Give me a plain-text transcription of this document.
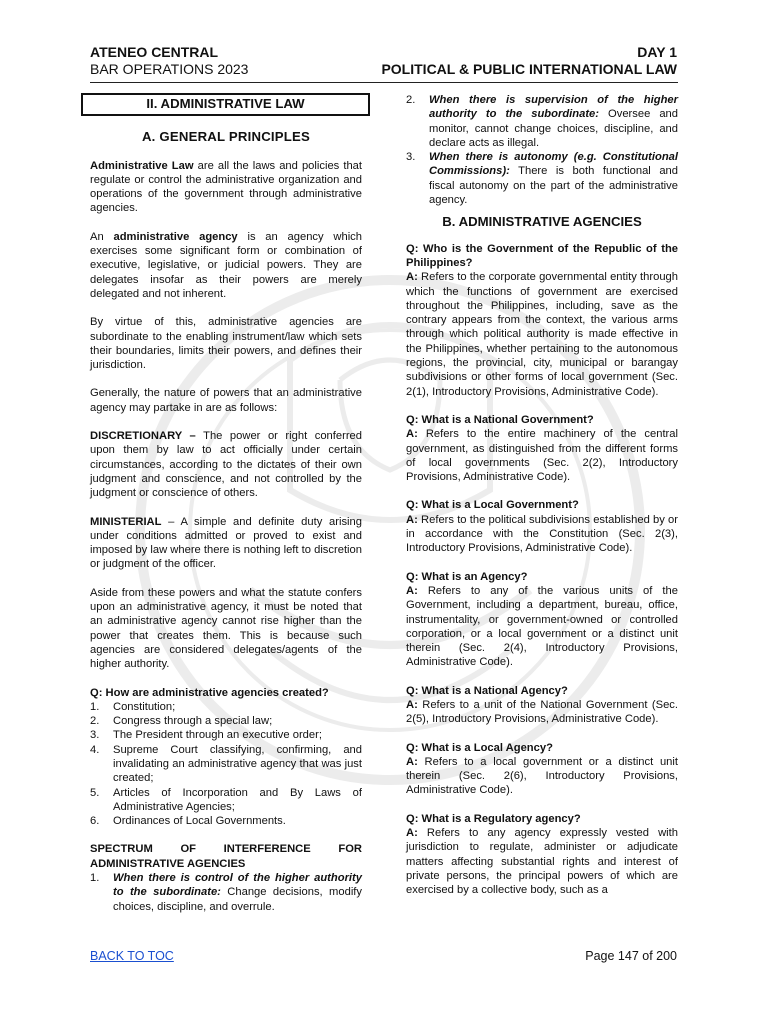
ATENEO CENTRAL
BAR OPERATIONS 2023
DAY 1
POLITICAL & PUBLIC INTERNATIONAL LAW
II. ADMINISTRATIVE LAW
A. GENERAL PRINCIPLES

Administrative Law are all the laws and policies that regulate or control the administrative organization and operations of the government through administrative agencies.

An administrative agency is an agency which exercises some significant form or combination of executive, legislative, or judicial powers. They are delegates insofar as their powers are merely delegated and not inherent.

By virtue of this, administrative agencies are subordinate to the enabling instrument/law which sets their boundaries, limits their powers, and defines their jurisdiction.

Generally, the nature of powers that an administrative agency may partake in are as follows:

DISCRETIONARY – The power or right conferred upon them by law to act officially under certain circumstances, according to the dictates of their own judgment and conscience, and not controlled by the judgment or conscience of others.

MINISTERIAL – A simple and definite duty arising under conditions admitted or proved to exist and imposed by law where there is nothing left to discretion or judgment of the officer.

Aside from these powers and what the statute confers upon an administrative agency, it must be noted that an administrative agency cannot rise higher than the power that creates them. This is because such agencies are considered delegates/agents of the higher authority.

Q: How are administrative agencies created?
1. Constitution;
2. Congress through a special law;
3. The President through an executive order;
4. Supreme Court classifying, confirming, and invalidating an administrative agency that was just created;
5. Articles of Incorporation and By Laws of Administrative Agencies;
6. Ordinances of Local Governments.
SPECTRUM OF INTERFERENCE FOR ADMINISTRATIVE AGENCIES
1. When there is control of the higher authority to the subordinate: Change decisions, modify choices, discipline, and overrule.
2. When there is supervision of the higher authority to the subordinate: Oversee and monitor, cannot change choices, discipline, and declare acts as illegal.
3. When there is autonomy (e.g. Constitutional Commissions): There is both functional and fiscal autonomy on the part of the administrative agency.
B. ADMINISTRATIVE AGENCIES
Q: Who is the Government of the Republic of the Philippines?
A: Refers to the corporate governmental entity through which the functions of government are exercised throughout the Philippines, including, save as the contrary appears from the context, the various arms through which political authority is made effective in the Philippines, whether pertaining to the autonomous regions, the provincial, city, municipal or barangay subdivisions or other forms of local government (Sec. 2(1), Introductory Provisions, Administrative Code).
Q: What is a National Government?
A: Refers to the entire machinery of the central government, as distinguished from the different forms of local governments (Sec. 2(2), Introductory Provisions, Administrative Code).
Q: What is a Local Government?
A: Refers to the political subdivisions established by or in accordance with the Constitution (Sec. 2(3), Introductory Provisions, Administrative Code).
Q: What is an Agency?
A: Refers to any of the various units of the Government, including a department, bureau, office, instrumentality, or government-owned or controlled corporation, or a local government or a distinct unit therein (Sec. 2(4), Introductory Provisions, Administrative Code).
Q: What is a National Agency?
A: Refers to a unit of the National Government (Sec. 2(5), Introductory Provisions, Administrative Code).
Q: What is a Local Agency?
A: Refers to a local government or a distinct unit therein (Sec. 2(6), Introductory Provisions, Administrative Code).
Q: What is a Regulatory agency?
A: Refers to any agency expressly vested with jurisdiction to regulate, administer or adjudicate matters affecting substantial rights and interest of private persons, the principal powers of which are exercised by a collective body, such as a
BACK TO TOC	Page 147 of 200
